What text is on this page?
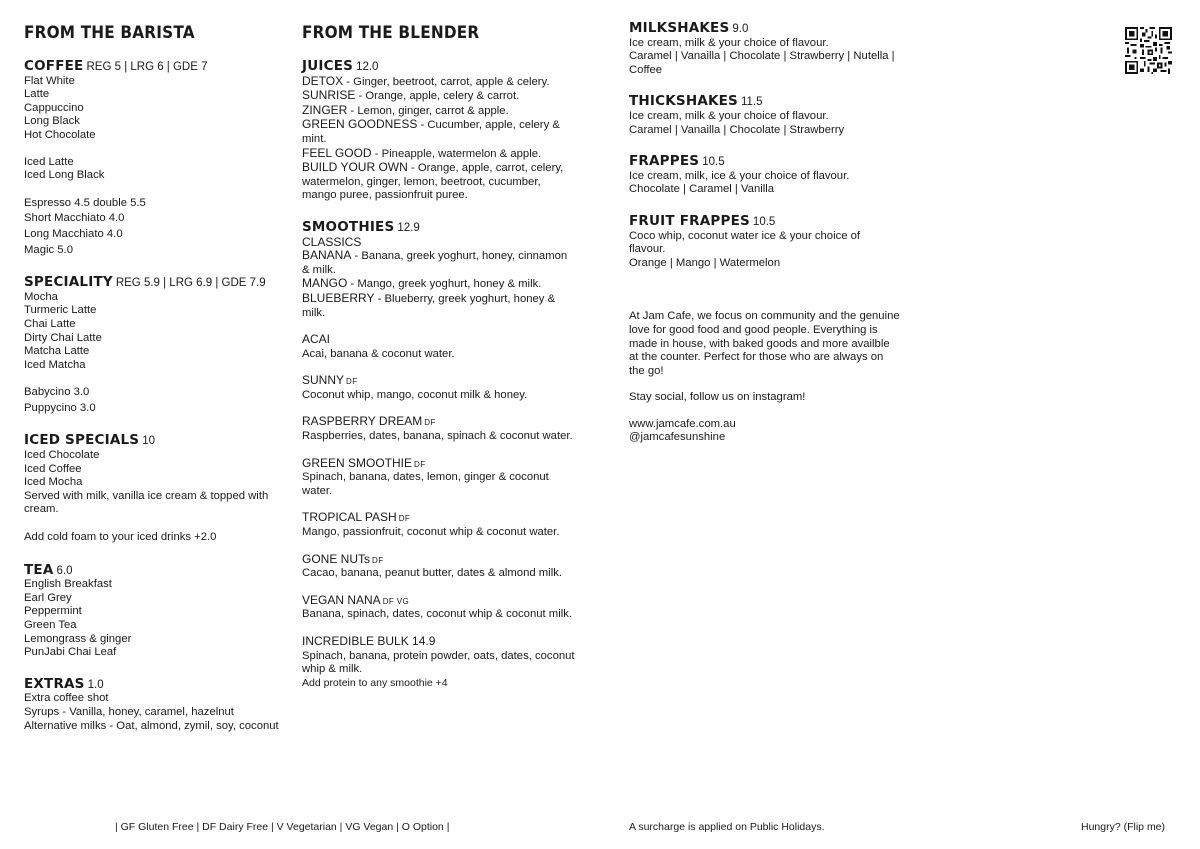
FROM THE BARISTA
COFFEE REG 5 | LRG 6 | GDE 7
Flat White
Latte
Cappuccino
Long Black
Hot Chocolate
Iced Latte
Iced Long Black
Espresso 4.5 double 5.5
Short Macchiato 4.0
Long Macchiato 4.0
Magic 5.0
SPECIALITY REG 5.9 | LRG 6.9 | GDE 7.9
Mocha
Turmeric Latte
Chai Latte
Dirty Chai Latte
Matcha Latte
Iced Matcha
Babycino 3.0
Puppycino 3.0
ICED SPECIALS 10
Iced Chocolate
Iced Coffee
Iced Mocha
Served with milk, vanilla ice cream & topped with cream.
Add cold foam to your iced drinks +2.0
TEA 6.0
English Breakfast
Earl Grey
Peppermint
Green Tea
Lemongrass & ginger
PunJabi Chai Leaf
EXTRAS 1.0
Extra coffee shot
Syrups - Vanilla, honey, caramel, hazelnut
Alternative milks - Oat, almond, zymil, soy, coconut
FROM THE BLENDER
JUICES 12.0
DETOX - Ginger, beetroot, carrot, apple & celery.
SUNRISE - Orange, apple, celery & carrot.
ZINGER - Lemon, ginger, carrot & apple.
GREEN GOODNESS - Cucumber, apple, celery & mint.
FEEL GOOD - Pineapple, watermelon & apple.
BUILD YOUR OWN - Orange, apple, carrot, celery, watermelon, ginger, lemon, beetroot, cucumber, mango puree, passionfruit puree.
SMOOTHIES 12.9
CLASSICS
BANANA - Banana, greek yoghurt, honey, cinnamon & milk.
MANGO - Mango, greek yoghurt, honey & milk.
BLUEBERRY - Blueberry, greek yoghurt, honey & milk.
ACAI
Acai, banana & coconut water.
SUNNY DF
Coconut whip, mango, coconut milk & honey.
RASPBERRY DREAM DF
Raspberries, dates, banana, spinach & coconut water.
GREEN SMOOTHIE DF
Spinach, banana, dates, lemon, ginger & coconut water.
TROPICAL PASH DF
Mango, passionfruit, coconut whip & coconut water.
GONE NUTs DF
Cacao, banana, peanut butter, dates & almond milk.
VEGAN NANA DF VG
Banana, spinach, dates, coconut whip & coconut milk.
INCREDIBLE BULK 14.9
Spinach, banana, protein powder, oats, dates, coconut whip & milk.
Add protein to any smoothie +4
MILKSHAKES 9.0
Ice cream, milk & your choice of flavour.
Caramel | Vanailla | Chocolate | Strawberry | Nutella | Coffee
THICKSHAKES 11.5
Ice cream, milk & your choice of flavour.
Caramel | Vanailla | Chocolate | Strawberry
FRAPPES 10.5
Ice cream, milk, ice & your choice of flavour.
Chocolate | Caramel | Vanilla
FRUIT FRAPPES 10.5
Coco whip, coconut water ice & your choice of flavour.
Orange | Mango | Watermelon
At Jam Cafe, we focus on community and the genuine love for good food and good people. Everything is made in house, with baked goods and more availble at the counter. Perfect for those who are always on the go!
Stay social, follow us on instagram!
www.jamcafe.com.au
@jamcafesunshine
| GF Gluten Free | DF Dairy Free | V Vegetarian | VG Vegan | O Option |	A surcharge is applied on Public Holidays.	Hungry? (Flip me)
